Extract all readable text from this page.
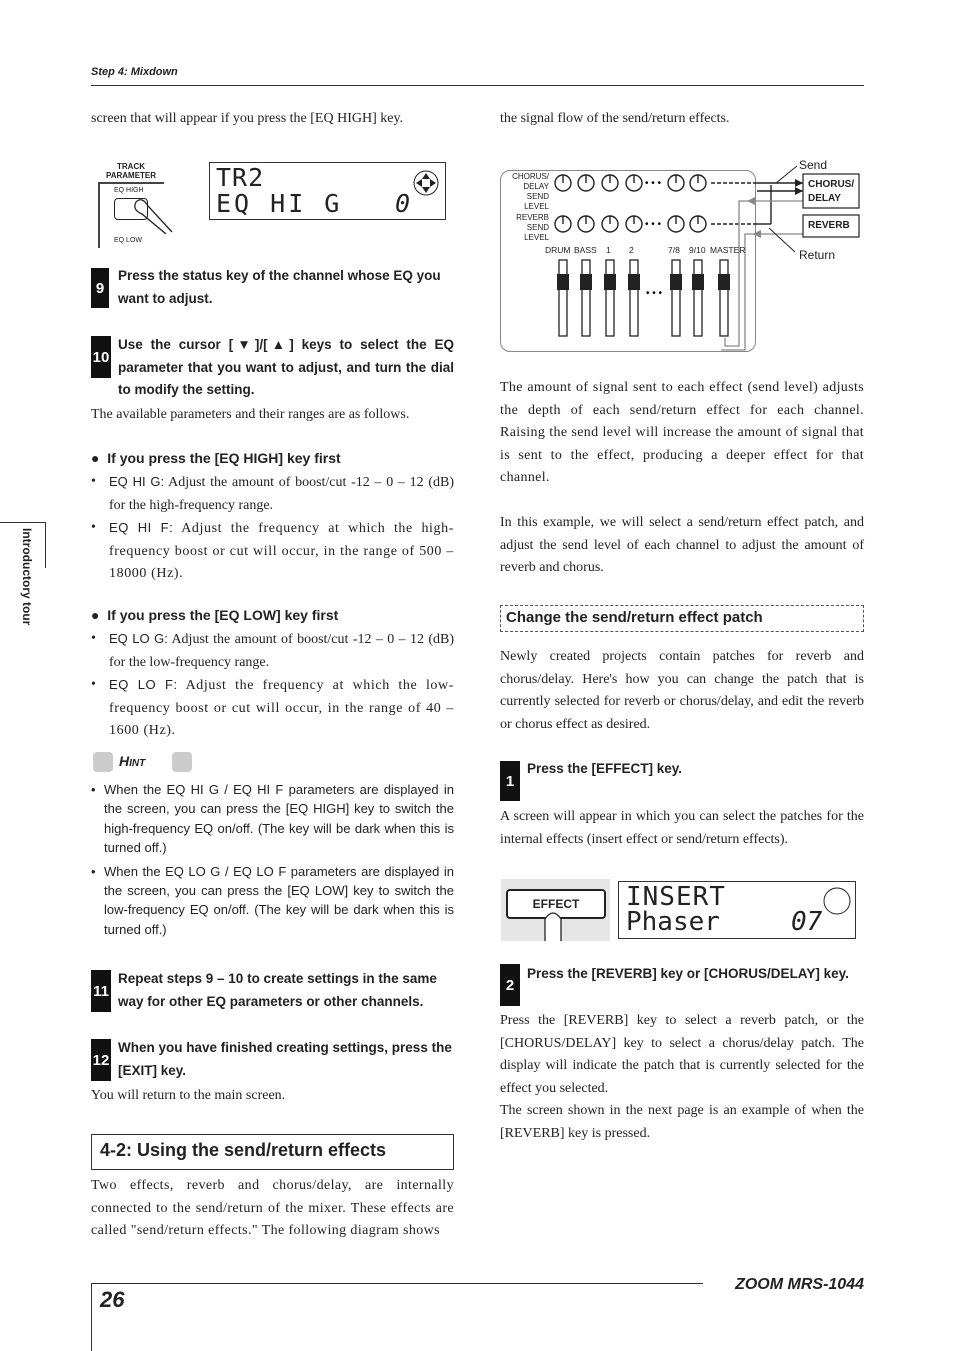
Step 4: Mixdown
Introductory tour
screen that will appear if you press the [EQ HIGH] key.
TRACK
PARAMETER
EQ HIGH
EQ LOW
TR2
EQ HI G 0
9
Press the status key of the channel whose EQ you want to adjust.
10
Use the cursor [▼]/[▲] keys to select the EQ parameter that you want to adjust, and turn the dial to modify the setting.
The available parameters and their ranges are as follows.
● If you press the [EQ HIGH] key first
•	EQ HI G: Adjust the amount of boost/cut -12 – 0 – 12 (dB) for the high-frequency range.
•	EQ HI F: Adjust the frequency at which the high-frequency boost or cut will occur, in the range of 500 – 18000 (Hz).
● If you press the [EQ LOW] key first
•	EQ LO G: Adjust the amount of boost/cut -12 – 0 – 12 (dB) for the low-frequency range.
•	EQ LO F: Adjust the frequency at which the low-frequency boost or cut will occur, in the range of 40 – 1600 (Hz).
Hint
• When the EQ HI G / EQ HI F parameters are displayed in the screen, you can press the [EQ HIGH] key to switch the high-frequency EQ on/off. (The key will be dark when this is turned off.)
• When the EQ LO G / EQ LO F parameters are displayed in the screen, you can press the [EQ LOW] key to switch the low-frequency EQ on/off. (The key will be dark when this is turned off.)
11
Repeat steps 9 – 10 to create settings in the same way for other EQ parameters or other channels.
12
When you have finished creating settings, press the [EXIT] key.
You will return to the main screen.
4-2: Using the send/return effects
Two effects, reverb and chorus/delay, are internally connected to the send/return of the mixer. These effects are called "send/return effects." The following diagram shows
the signal flow of the send/return effects.
CHORUS/ DELAY SEND LEVEL
REVERB SEND LEVEL
• • •
• • •
• • •
DRUM BASS 1 2	7/8 9/10 MASTER
Send
Return
CHORUS/ DELAY
REVERB
The amount of signal sent to each effect (send level) adjusts the depth of each send/return effect for each channel. Raising the send level will increase the amount of signal that is sent to the effect, producing a deeper effect for that channel.
In this example, we will select a send/return effect patch, and adjust the send level of each channel to adjust the amount of reverb and chorus.
Change the send/return effect patch
Newly created projects contain patches for reverb and chorus/delay. Here's how you can change the patch that is currently selected for reverb or chorus/delay, and edit the reverb or chorus effect as desired.
1
Press the [EFFECT] key.
A screen will appear in which you can select the patches for the internal effects (insert effect or send/return effects).
EFFECT	INSERT
Phaser	07
2
Press the [REVERB] key or [CHORUS/DELAY] key.
Press the [REVERB] key to select a reverb patch, or the [CHORUS/DELAY] key to select a chorus/delay patch. The display will indicate the patch that is currently selected for the effect you selected.
The screen shown in the next page is an example of when the [REVERB] key is pressed.
26
ZOOM MRS-1044
